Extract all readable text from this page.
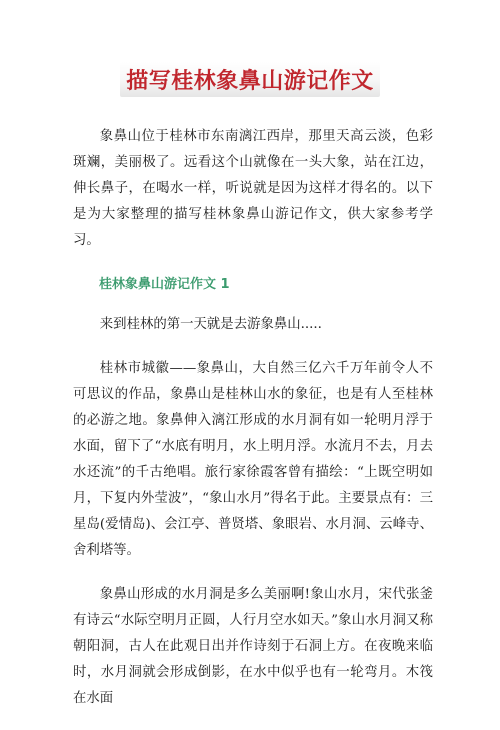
描写桂林象鼻山游记作文

象鼻山位于桂林市东南漓江西岸，那里天高云淡，色彩斑斓，美丽极了。远看这个山就像在一头大象，站在江边，伸长鼻子，在喝水一样，听说就是因为这样才得名的。以下是为大家整理的描写桂林象鼻山游记作文，供大家参考学习。

桂林象鼻山游记作文 1

来到桂林的第一天就是去游象鼻山.....

桂林市城徽——象鼻山，大自然三亿六千万年前令人不可思议的作品，象鼻山是桂林山水的象征，也是有人至桂林的必游之地。象鼻伸入漓江形成的水月洞有如一轮明月浮于水面，留下了“水底有明月，水上明月浮。水流月不去，月去水还流”的千古绝唱。旅行家徐霞客曾有描绘：“上既空明如月，下复内外莹波”，“象山水月”得名于此。主要景点有：三星岛(爱情岛)、会江亭、普贤塔、象眼岩、水月洞、云峰寺、舍利塔等。

象鼻山形成的水月洞是多么美丽啊!象山水月，宋代张釜有诗云“水际空明月正圆，人行月空水如天。”象山水月洞又称朝阳洞，古人在此观日出并作诗刻于石洞上方。在夜晚来临时，水月洞就会形成倒影，在水中似乎也有一轮弯月。木筏在水面
